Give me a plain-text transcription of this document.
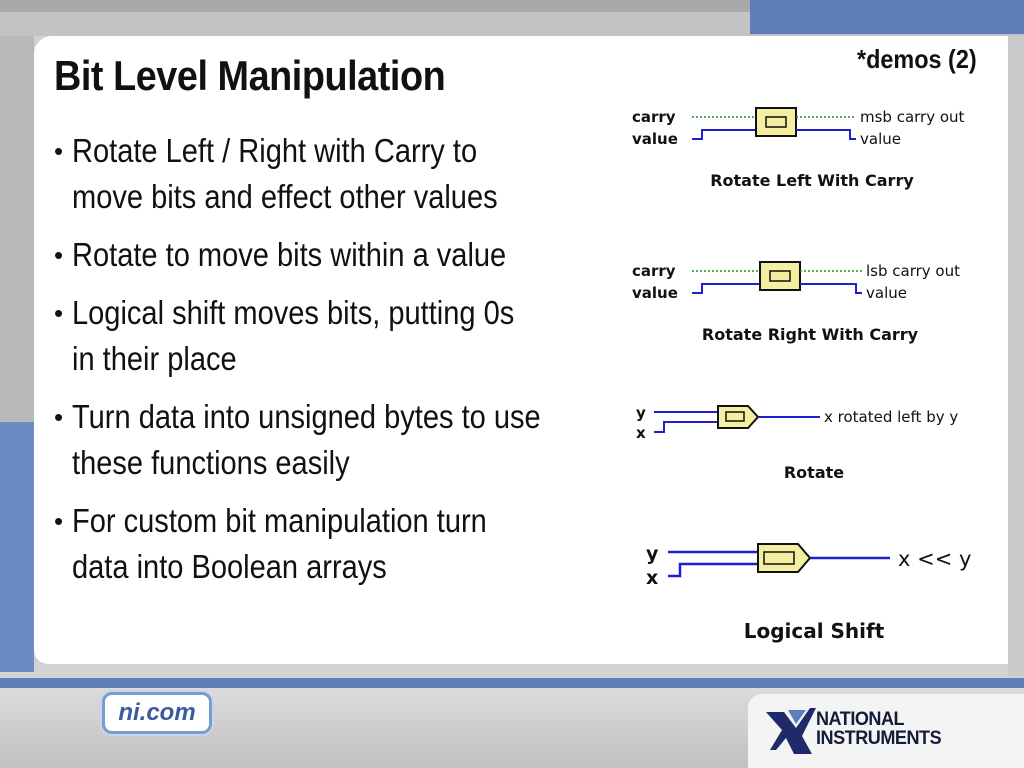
Bit Level Manipulation	*demos (2)
• Rotate Left / Right with Carry to
move bits and effect other values
• Rotate to move bits within a value
• Logical shift moves bits, putting 0s
in their place
• Turn data into unsigned bytes to use
these functions easily
• For custom bit manipulation turn
data into Boolean arrays
carry
value
msb carry out
value
Rotate Left With Carry
carry
value
lsb carry out
value
Rotate Right With Carry
y
x
x rotated left by y
Rotate
y
x
x << y
Logical Shift
ni.com	NATIONAL
INSTRUMENTS
